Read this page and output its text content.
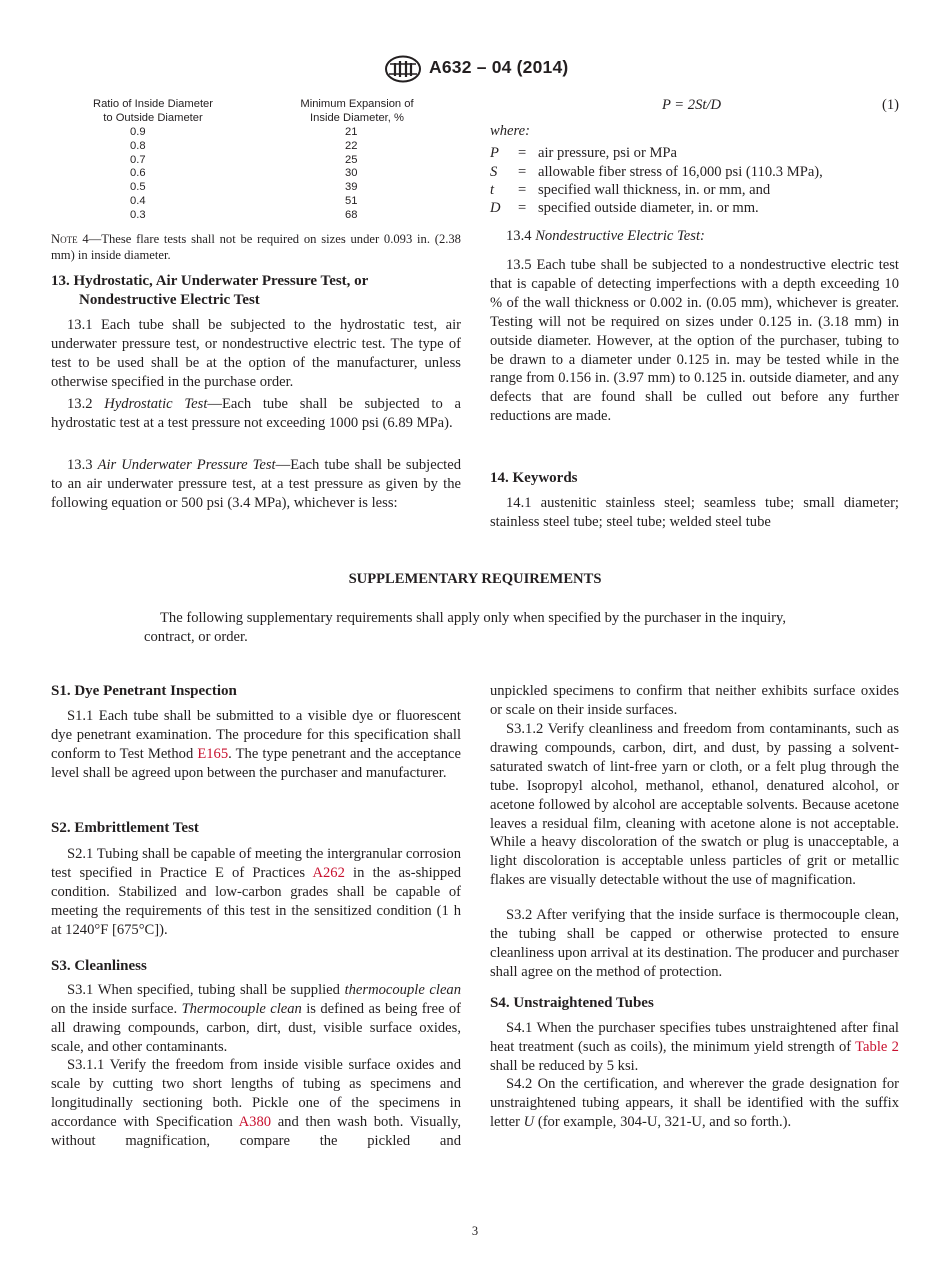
A632 – 04 (2014)
Ratio of Inside Diameter
to Outside Diameter
Minimum Expansion of
Inside Diameter, %
0.9	21
0.8	22
0.7	25
0.6	30
0.5	39
0.4	51
0.3	68
Note 4—These flare tests shall not be required on sizes under 0.093 in. (2.38 mm) in inside diameter.
13. Hydrostatic, Air Underwater Pressure Test, or
Nondestructive Electric Test

13.1 Each tube shall be subjected to the hydrostatic test, air underwater pressure test, or nondestructive electric test. The type of test to be used shall be at the option of the manufacturer, unless otherwise specified in the purchase order.

13.2 Hydrostatic Test—Each tube shall be subjected to a hydrostatic test at a test pressure not exceeding 1000 psi (6.89 MPa).

13.3 Air Underwater Pressure Test—Each tube shall be subjected to an air underwater pressure test, at a test pressure as given by the following equation or 500 psi (3.4 MPa), whichever is less:

P = 2St/D	(1)
where:
P = air pressure, psi or MPa
S = allowable fiber stress of 16,000 psi (110.3 MPa),
t = specified wall thickness, in. or mm, and
D = specified outside diameter, in. or mm.

13.4 Nondestructive Electric Test:

13.5 Each tube shall be subjected to a nondestructive electric test that is capable of detecting imperfections with a depth exceeding 10 % of the wall thickness or 0.002 in. (0.05 mm), whichever is greater. Testing will not be required on sizes under 0.125 in. (3.18 mm) in outside diameter. However, at the option of the purchaser, tubing to be drawn to a diameter under 0.125 in. may be tested while in the range from 0.156 in. (3.97 mm) to 0.125 in. outside diameter, and any defects that are found shall be culled out before any further reductions are made.

14. Keywords

14.1 austenitic stainless steel; seamless tube; small diameter; stainless steel tube; steel tube; welded steel tube

SUPPLEMENTARY REQUIREMENTS

The following supplementary requirements shall apply only when specified by the purchaser in the inquiry, contract, or order.

S1. Dye Penetrant Inspection

S1.1 Each tube shall be submitted to a visible dye or fluorescent dye penetrant examination. The procedure for this specification shall conform to Test Method E165. The type penetrant and the acceptance level shall be agreed upon between the purchaser and manufacturer.

S2. Embrittlement Test

S2.1 Tubing shall be capable of meeting the intergranular corrosion test specified in Practice E of Practices A262 in the as-shipped condition. Stabilized and low-carbon grades shall be capable of meeting the requirements of this test in the sensitized condition (1 h at 1240°F [675°C]).

S3. Cleanliness

S3.1 When specified, tubing shall be supplied thermocouple clean on the inside surface. Thermocouple clean is defined as being free of all drawing compounds, carbon, dirt, dust, visible surface oxides, scale, and other contaminants.

S3.1.1 Verify the freedom from inside visible surface oxides and scale by cutting two short lengths of tubing as specimens and longitudinally sectioning both. Pickle one of the specimens in accordance with Specification A380 and then wash both. Visually, without magnification, compare the pickled and

unpickled specimens to confirm that neither exhibits surface oxides or scale on their inside surfaces.

S3.1.2 Verify cleanliness and freedom from contaminants, such as drawing compounds, carbon, dirt, and dust, by passing a solvent-saturated swatch of lint-free yarn or cloth, or a felt plug through the tube. Isopropyl alcohol, methanol, ethanol, denatured alcohol, or acetone followed by alcohol are acceptable solvents. Because acetone leaves a residual film, cleaning with acetone alone is not acceptable. While a heavy discoloration of the swatch or plug is unacceptable, a light discoloration is acceptable unless particles of grit or metallic flakes are visually detectable without the use of magnification.

S3.2 After verifying that the inside surface is thermocouple clean, the tubing shall be capped or otherwise protected to ensure cleanliness upon arrival at its destination. The producer and purchaser shall agree on the method of protection.

S4. Unstraightened Tubes

S4.1 When the purchaser specifies tubes unstraightened after final heat treatment (such as coils), the minimum yield strength of Table 2 shall be reduced by 5 ksi.

S4.2 On the certification, and wherever the grade designation for unstraightened tubing appears, it shall be identified with the suffix letter U (for example, 304-U, 321-U, and so forth.).

3
